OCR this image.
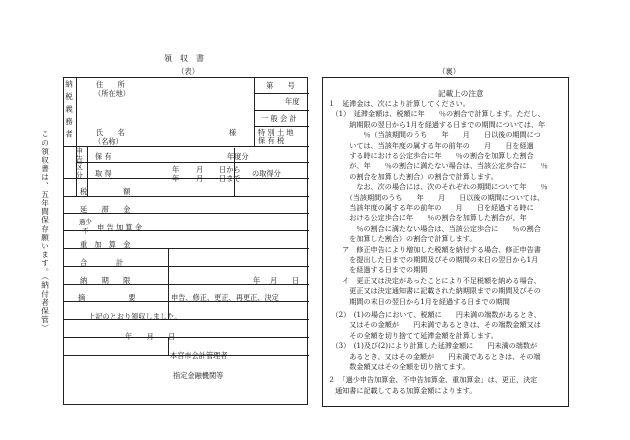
領　収　書
（表）
この領収書は、五年間保存願います。（納付者保管）
納税義務者	住　　所
（所在地）
氏　　名
（名称）
様
第　　号
年度
一 般 会 計
特 別 土 地
保 有 税
申告区分 保 有	年度分
取 得	年 月 日から
年 月 日まで
の取得分
税　　　　　額
延　　滞　　金
過少
不 申 告 加 算 金
重　加　算　金
合　　　　計
納　　期　　限	年 月 日
摘　　　　　　要	申告、修正、更正、再更正、決定
上記のとおり領収しました。
年　　月　　日
本宮市会計管理者
指定金融機関等
（裏）
記載上の注意
１　延滞金は、次により計算してください。
　（1）　延滞金額は、税額に年　　％の割合で計算します。ただし、
　　　納期限の翌日から1月を経過する日までの期間については、年
　　　　　％（当該期間のうち　　年　　月　　日以後の期間につ
　　　いては、当該年度の属する年の前年の　　月　　日を経過
　　　する時における公定歩合に年　　％の割合を加算した割合
　　　が、年　　％の割合に満たない場合は、当該公定歩合に　　％
　　　の割合を加算した割合）の割合で計算します。
　　　　なお、次の場合には、次のそれぞれの期間について年　　％
　　　（当該期間のうち　　年　　月　　日以後の期間については、
　　　当該年度の属する年の前年の　　月　　日を経過する時に
　　　おける公定歩合に年　　％の割合を加算した割合が、年
　　　　％の割合に満たない場合は、当該公定歩合に　　％の割合
　　　を加算した割合）の割合で計算します。
　　ア　修正申告により増加した税額を納付する場合、修正申告書
　　　を提出した日までの期間及びその期間の末日の翌日から1月
　　　を経過する日までの期間
　　イ　更正又は決定があったことにより不足税額を納める場合、
　　　更正又は決定通知書に記載された納期限までの期間及びその
　　　期間の末日の翌日から1月を経過する日までの期間
　（2）　(1)の場合において、税額に　　円未満の端数があるとき、
　　　又はその金額が　　円未満であるときは、その端数金額又は
　　　その全額を切り捨てて延滞金額を計算します。
　（3）　(1)及び(2)により計算した延滞金額に　　円未満の端数が
　　　あるとき、又はその金額が　　円未満であるときは、その端
　　　数金額又はその全額を切り捨てます。
２　「過少申告加算金、不申告加算金、重加算金」は、更正、決定
　通知書に記載してある加算金額によります。
